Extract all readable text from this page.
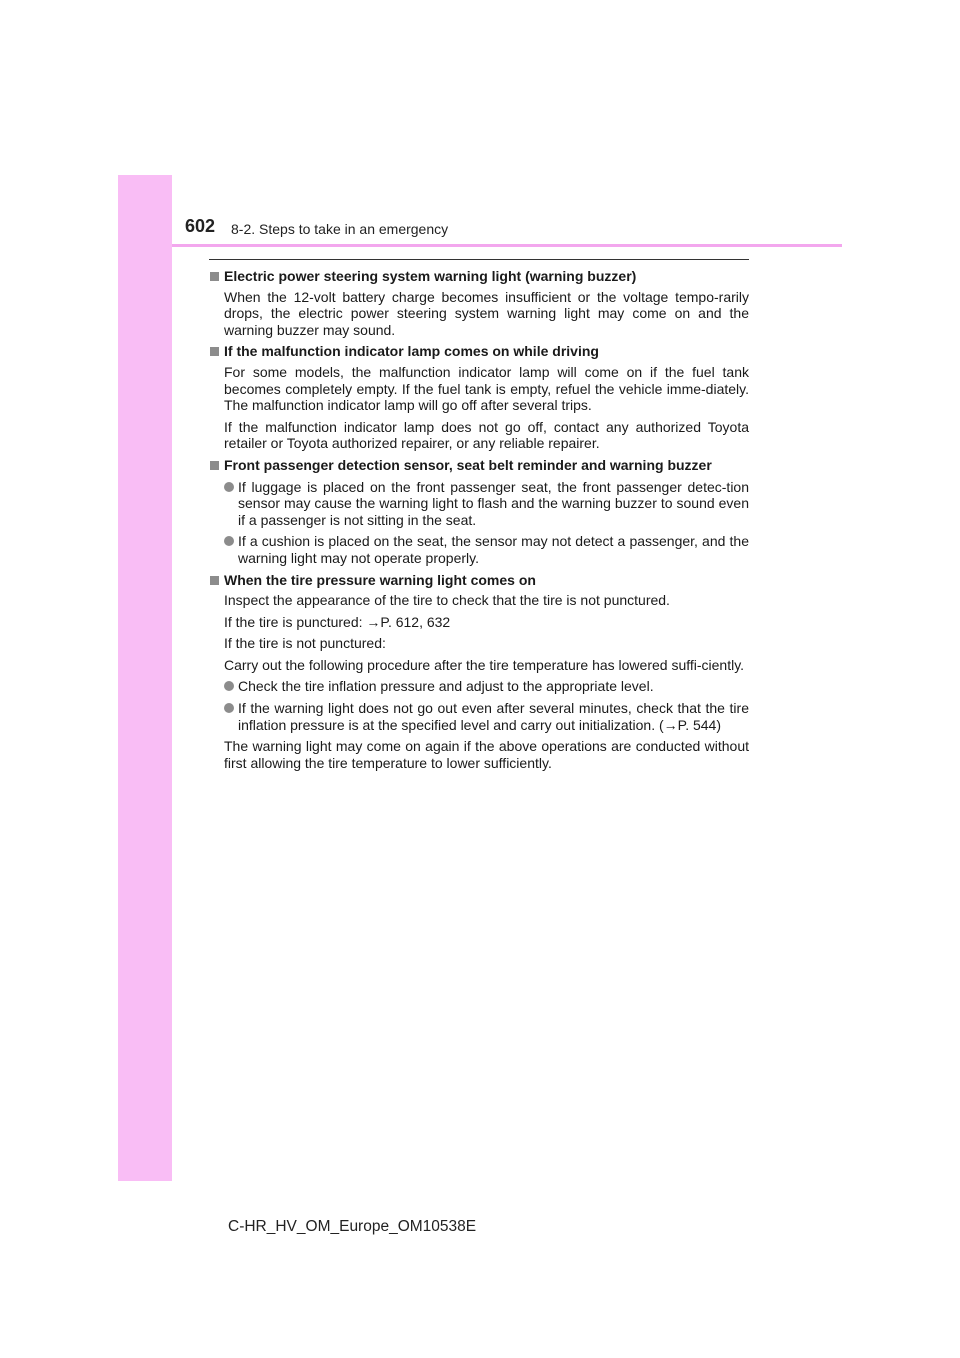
602 8-2. Steps to take in an emergency
Electric power steering system warning light (warning buzzer)
When the 12-volt battery charge becomes insufficient or the voltage tempo-rarily drops, the electric power steering system warning light may come on and the warning buzzer may sound.
If the malfunction indicator lamp comes on while driving
For some models, the malfunction indicator lamp will come on if the fuel tank becomes completely empty. If the fuel tank is empty, refuel the vehicle imme-diately. The malfunction indicator lamp will go off after several trips.
If the malfunction indicator lamp does not go off, contact any authorized Toyota retailer or Toyota authorized repairer, or any reliable repairer.
Front passenger detection sensor, seat belt reminder and warning buzzer
If luggage is placed on the front passenger seat, the front passenger detec-tion sensor may cause the warning light to flash and the warning buzzer to sound even if a passenger is not sitting in the seat.
If a cushion is placed on the seat, the sensor may not detect a passenger, and the warning light may not operate properly.
When the tire pressure warning light comes on
Inspect the appearance of the tire to check that the tire is not punctured.
If the tire is punctured: →P. 612, 632
If the tire is not punctured:
Carry out the following procedure after the tire temperature has lowered suffi-ciently.
Check the tire inflation pressure and adjust to the appropriate level.
If the warning light does not go out even after several minutes, check that the tire inflation pressure is at the specified level and carry out initialization. (→P. 544)
The warning light may come on again if the above operations are conducted without first allowing the tire temperature to lower sufficiently.
C-HR_HV_OM_Europe_OM10538E
